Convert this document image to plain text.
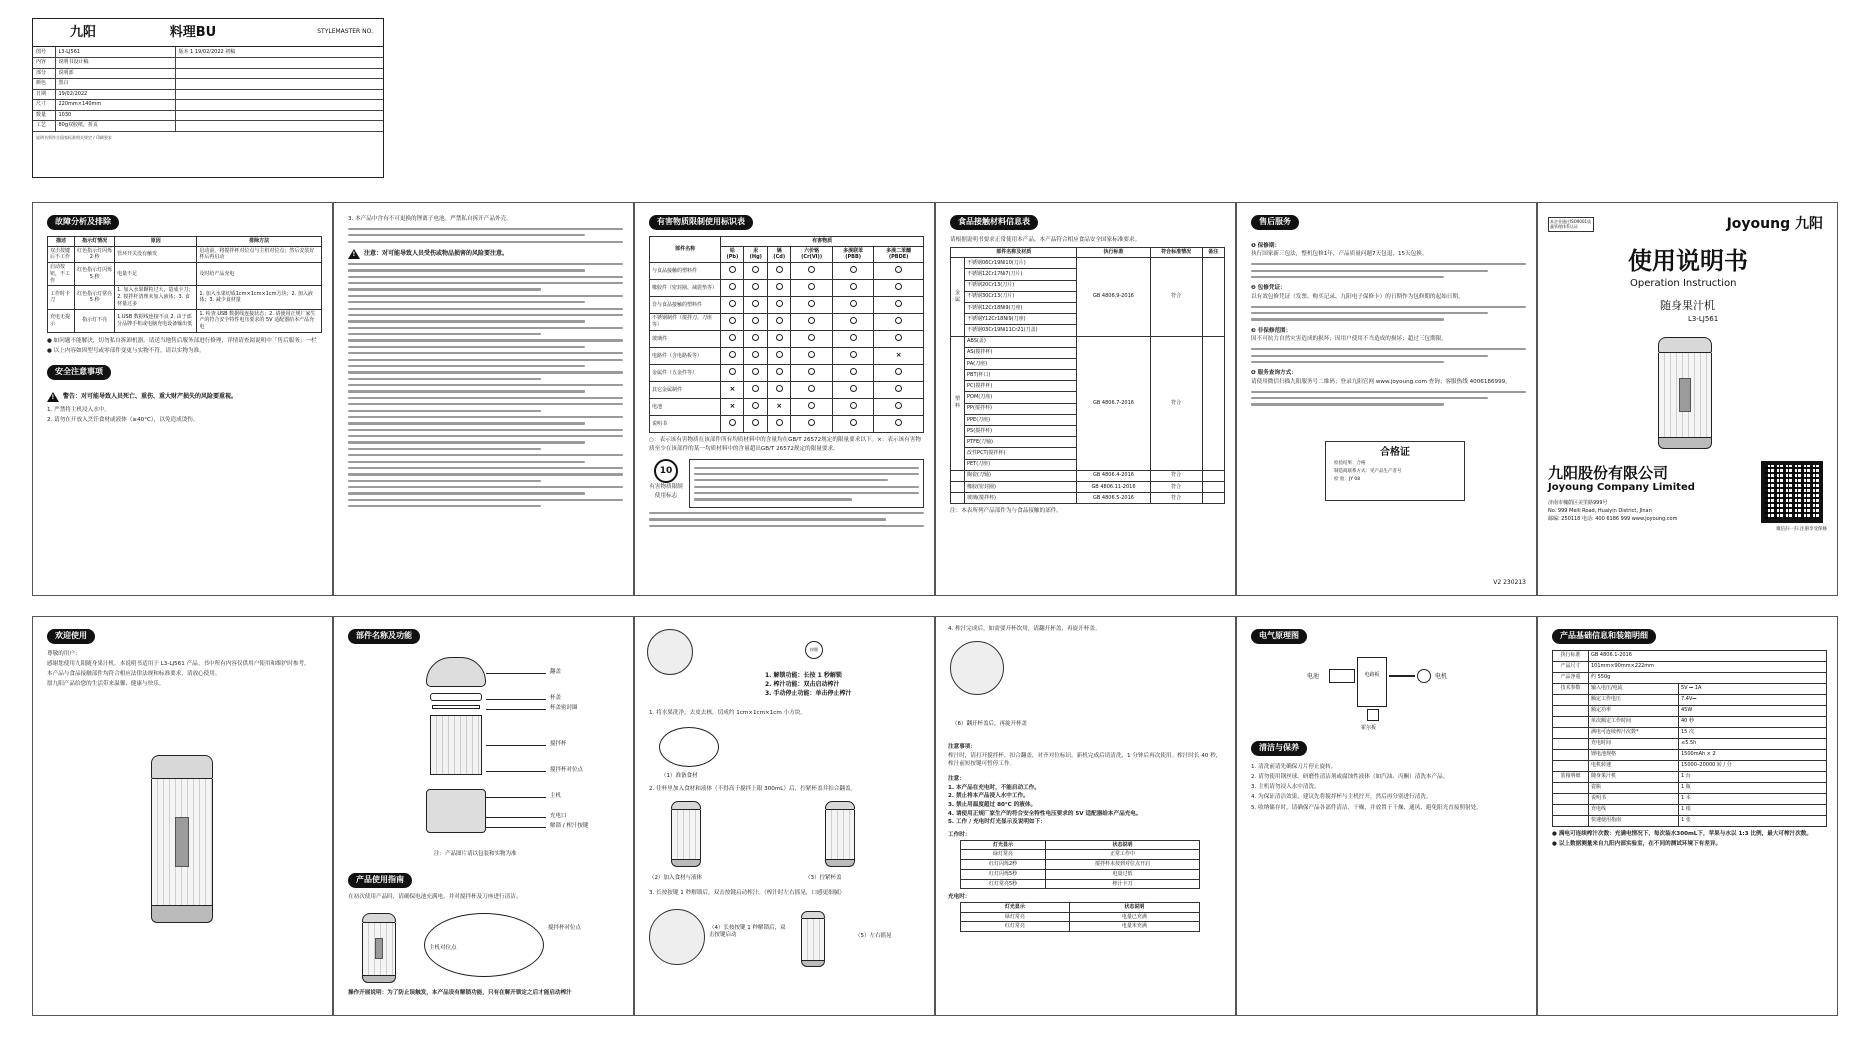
九阳	料理BU	STYLEMASTER NO.
图号	L3-LJ561	版本 1 19/02/2022 初稿
内容	说明书设计稿	
部分	说明部	
颜色	黑白	
日期	19/02/2022	
尺寸	220mm×140mm	
数量	1030	
工艺	80g双胶纸，折页	
说明书须符合国家标准相关规定 / 印刷要求
故障分析及排除
描述	指示灯情况	原因	排除方法
双击按键后不工作	红色指示灯闪烁 2 秒	管环开关没有触发	启动前，将搅拌杯对位点与主机对位点；然后安装好杯后再启动
启动按钮，不工作	红色指示灯闪烁 5 秒	电量不足	及时给产品充电
工作时卡刀	红色指示灯常亮 5 秒	1. 加入水果颗粒过大，造成卡刀；2. 搅拌杆清理未加入液体；3. 食材量过多	1. 加入水果切成1cm×1cm×1cm方块；2. 加入液体；3. 减少食材量
充电无提示	指示灯不亮	1.USB 数据线连接不良 2. 由于部分品牌手机或电脑充电设备输出低	1. 检查 USB 数据线连接状态；2. 请使用正规厂家生产的符合安全特性电压要求的 5V 适配器给本产品充电

● 如问题不能解决，切勿私自拆卸机器。请送当地售后服务部进行修理，详情请查阅说明中「售后服务」一栏

● 以上内容如因型号或零部件变更与实物不符，请以实物为准。

安全注意事项
!
警告：对可能导致人员死亡、重伤、重大财产损失的风险要重视。

1. 严禁将主机浸入水中。

2. 请勿在开放入烹饪食材或液体（≥40°C），以免造成烫伤。

3. 本产品中含有不可更换的锂离子电池。严禁私自拆开产品外壳。

!
注意：对可能导致人员受伤或物品损害的风险要注意。
有害物质限制使用标识表
部件名称	有害物质					
	铅 (Pb)	汞 (Hg)	镉 (Cd)	六价铬 (Cr(VI))	多溴联苯 (PBB)	多溴二苯醚 (PBDE)
与食品接触的塑料件						
橡胶件（密封圈、减震垫等）						
非与食品接触的塑料件						
不锈钢制件（搅拌刀、刀座等）						
玻璃件						
电路件（含电路板等）						×
金属件（五金件等）						
其它金属制件	×					
电池	×		×			
说明书						
○：表示该有害物质在该部件所有均质材料中的含量均在GB/T 26572规定的限量要求以下。×：表示该有害物质至少在该部件的某一均质材料中的含量超出GB/T 26572规定的限量要求。
10
有害物质限制使用标志
食品接触材料信息表
请根据说明书要求正常使用本产品。本产品符合相应食品安全国家标准要求。
部件名称及材质		执行标准	符合标准情况	备注
金属	不锈钢06Cr19Ni10(刀片)	GB 4806.9-2016	符合	
	不锈钢12Cr17Ni7(刀片)			
	不锈钢20Cr13(刀片)			
	不锈钢30Cr13(刀片)			
	不锈钢12Cr18Ni9(刀座)			
	不锈钢Y12Cr18Ni9(刀座)			
	不锈钢03Cr19Ni11Cr21(刀盖)			
塑料	ABS(盖)	GB 4806.7-2016	符合	
	AS(搅拌杯)			
	PA(刀座)			
	PBT(杯口)			
	PC(搅拌杯)			
	POM(刀座)			
	PP(搅拌杯)			
	PPE(刀座)			
	PS(搅拌杯)			
	PTFE(刀轴)			
	改性PCT(搅拌杯)			
	PET(刀座)			
	陶瓷(刀轴)	GB 4806.4-2016	符合	
	橡胶(密封圈)	GB 4806.11-2016	符合	
	玻璃(搅拌杯)	GB 4806.5-2016	符合	
注：本表所列产品部件为与食品接触的部件。
售后服务
❶ 保修期：
执行国家新三包法，整机包修1年，产品质量问题7天包退，15天包换。
❷ 包修凭证：
以有效包修凭证（发票、购买记录、九阳电子保修卡）的日期作为包修期的起始日期。
❸ 非保修范围：
因不可抗力自然灾害造成的损坏；因用户使用不当造成的损坏；超过三包期限。
❹ 服务查询方式：
请使用微信扫描九阳服务号二维码；登录九阳官网 www.joyoung.com 查询；客服热线 4006186999。
合格证
检验结果：合格
制造商联系方式：见产品生产者号
检 验：JY 08
V2 230213
本企业通过ISO9001质量管理体系认证	Joyoung 九阳
使用说明书
Operation Instruction
随身果汁机
L3-LJ561
九阳股份有限公司
Joyoung Company Limited
济南市槐荫区美里路999号
No. 999 Meili Road, Huaiyin District, Jinan
邮编: 250118 电话: 400 6186 999 www.joyoung.com
微信扫一扫 注册享受保修
欢迎使用

尊敬的用户：

感谢您使用九阳随身果汁机。本说明书适用于 L3-LJ561 产品。书中所有内容仅供用户使用和维护时参考。

本产品与食品接触部件均符合相应法律法规和标准要求，请放心使用。

愿九阳产品给您的生活带来温馨、健康与快乐。

部件名称及功能
翻盖
杯盖
杯盖密封圈
搅拌杯
搅拌杯对位点
主机
充电口
解锁 / 榨汁按键
注：产品图片请以包装和实物为准
产品使用指南
在初次使用产品时，请确保电池充满电。并对搅拌杯及刀座进行清洁。
主机对位点
搅拌杯对位点
操作开展说明：为了防止误触发，本产品设有解锁功能，只有在解开锁定之后才能启动榨汁
按键
1. 解锁功能：长按 1 秒解锁
2. 榨汁功能：双击启动榨汁
3. 手动停止功能：单击停止榨汁
1. 将水果洗净，去皮去核，切成约 1cm×1cm×1cm 小方块。
（1）准备食材
2. 往杯里加入食材和液体（不得高于搅拌上限 300mL）后，拧紧杯盖并扣合翻盖。
（2）加入食材与液体	（3）拧紧杯盖
3. 长按按键 1 秒解锁后，双击按键启动榨汁。（榨汁时左右摇晃，口感更细腻）
（4）长按按键 1 秒解锁后，双击按键启动	（5）左右摇晃
4. 榨汁完成后，如需要开杯饮用，请翻开杯盖，再旋开杯盖。
（6）翻开杯盖后，再旋开杯盖
注意事项：
榨汁时，请打开搅拌杯，扣合翻盖，对齐对位标识。新机完成后请清洗，1 分钟后再次使用。榨汁时长 40 秒，榨汁前短按键可暂停工作。
注意：
1. 本产品在充电时，不能启动工作。
2. 禁止将本产品浸入水中工作。
3. 禁止用温度超过 80°C 的液体。
4. 请使用正规厂家生产的符合安全特性电压要求的 5V 适配器给本产品充电。
5. 工作 / 充电时灯光显示及说明如下：
工作时：
灯光显示	状态说明
绿灯常亮	正常工作中
红灯闪烁2秒	搅拌杯未按到对位点开启
红灯闪烁5秒	电量过低
红灯常亮5秒	榨汁卡刀
充电时：
灯光显示	状态说明
绿灯常亮	电量已充满
红灯常亮	电量未充满
电气原理图
电路板
电池	电机
霍尔板
清洁与保养

1. 清洗前请先确保刀片停止旋转。

2. 请勿使用钢丝球、研磨性清洁剂或腐蚀性液体（如汽油、丙酮）清洗本产品。

3. 主机请勿浸入水中清洗。

4. 为保证清洁效果，建议先将搅拌杯与主机拧开，然后再分别进行清洗。

5. 收纳储存时，请确保产品各部件清洁，干燥，并放置于干燥、通风、避免阳光直接照射处。

产品基础信息和装箱明细
执行标准	GB 4806.1-2016	
产品尺寸	101mm×90mm×222mm	
产品净重	约 550g	
技术参数	输入电压/电流	5V ⎓ 1A
	额定工作电压	7.4V⎓
	额定功率	45W
	单次额定工作时间	40 秒
	满电可连续榨汁次数*	15 次
	充电时间	≤5.5h
	锂电池规格	1500mAh × 2
	电机转速	15000–20000 转 / 分
装箱明细	随身果汁机	1 台
	瓷瓶	1 瓶
	说明书	1 本
	充电线	1 根
	快速使用指南	1 张

● 满电可连续榨汁次数：充满电情况下，每次装水300mL下，苹果与水以 1:3 比例，最大可榨汁次数。

● 以上数据测量来自九阳内部实验室，在不同的测试环境下有差异。
